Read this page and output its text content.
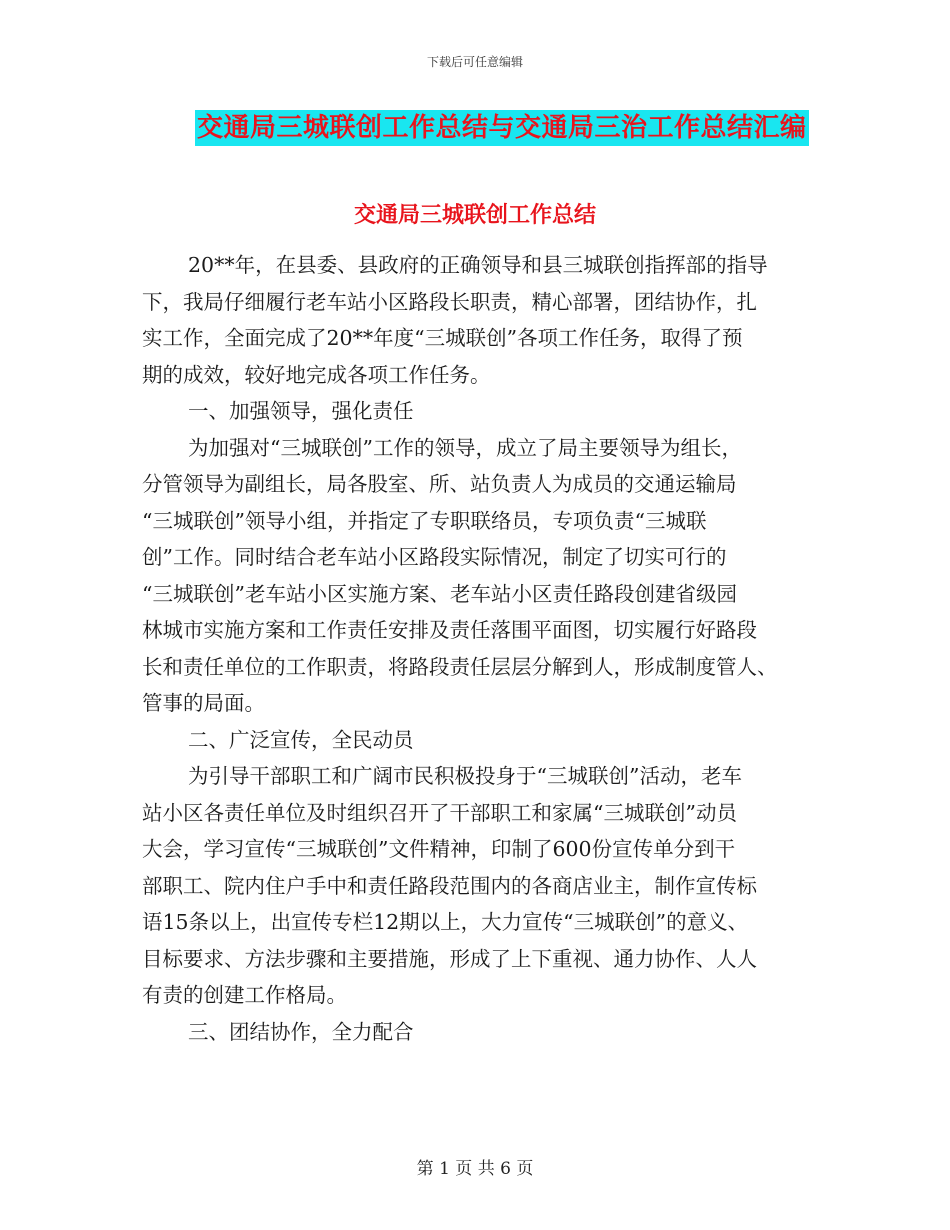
下载后可任意编辑
交通局三城联创工作总结与交通局三治工作总结汇编
交通局三城联创工作总结
20**年，在县委、县政府的正确领导和县三城联创指挥部的指导
下，我局仔细履行老车站小区路段长职责，精心部署，团结协作，扎
实工作，全面完成了20**年度“三城联创”各项工作任务，取得了预
期的成效，较好地完成各项工作任务。
一、加强领导，强化责任
为加强对“三城联创”工作的领导，成立了局主要领导为组长，
分管领导为副组长，局各股室、所、站负责人为成员的交通运输局
“三城联创”领导小组，并指定了专职联络员，专项负责“三城联
创”工作。同时结合老车站小区路段实际情况，制定了切实可行的
“三城联创”老车站小区实施方案、老车站小区责任路段创建省级园
林城市实施方案和工作责任安排及责任落围平面图，切实履行好路段
长和责任单位的工作职责，将路段责任层层分解到人，形成制度管人、
管事的局面。
二、广泛宣传，全民动员
为引导干部职工和广阔市民积极投身于“三城联创”活动，老车
站小区各责任单位及时组织召开了干部职工和家属“三城联创”动员
大会，学习宣传“三城联创”文件精神，印制了600份宣传单分到干
部职工、院内住户手中和责任路段范围内的各商店业主，制作宣传标
语15条以上，出宣传专栏12期以上，大力宣传“三城联创”的意义、
目标要求、方法步骤和主要措施，形成了上下重视、通力协作、人人
有责的创建工作格局。
三、团结协作，全力配合
第 1 页 共 6 页
